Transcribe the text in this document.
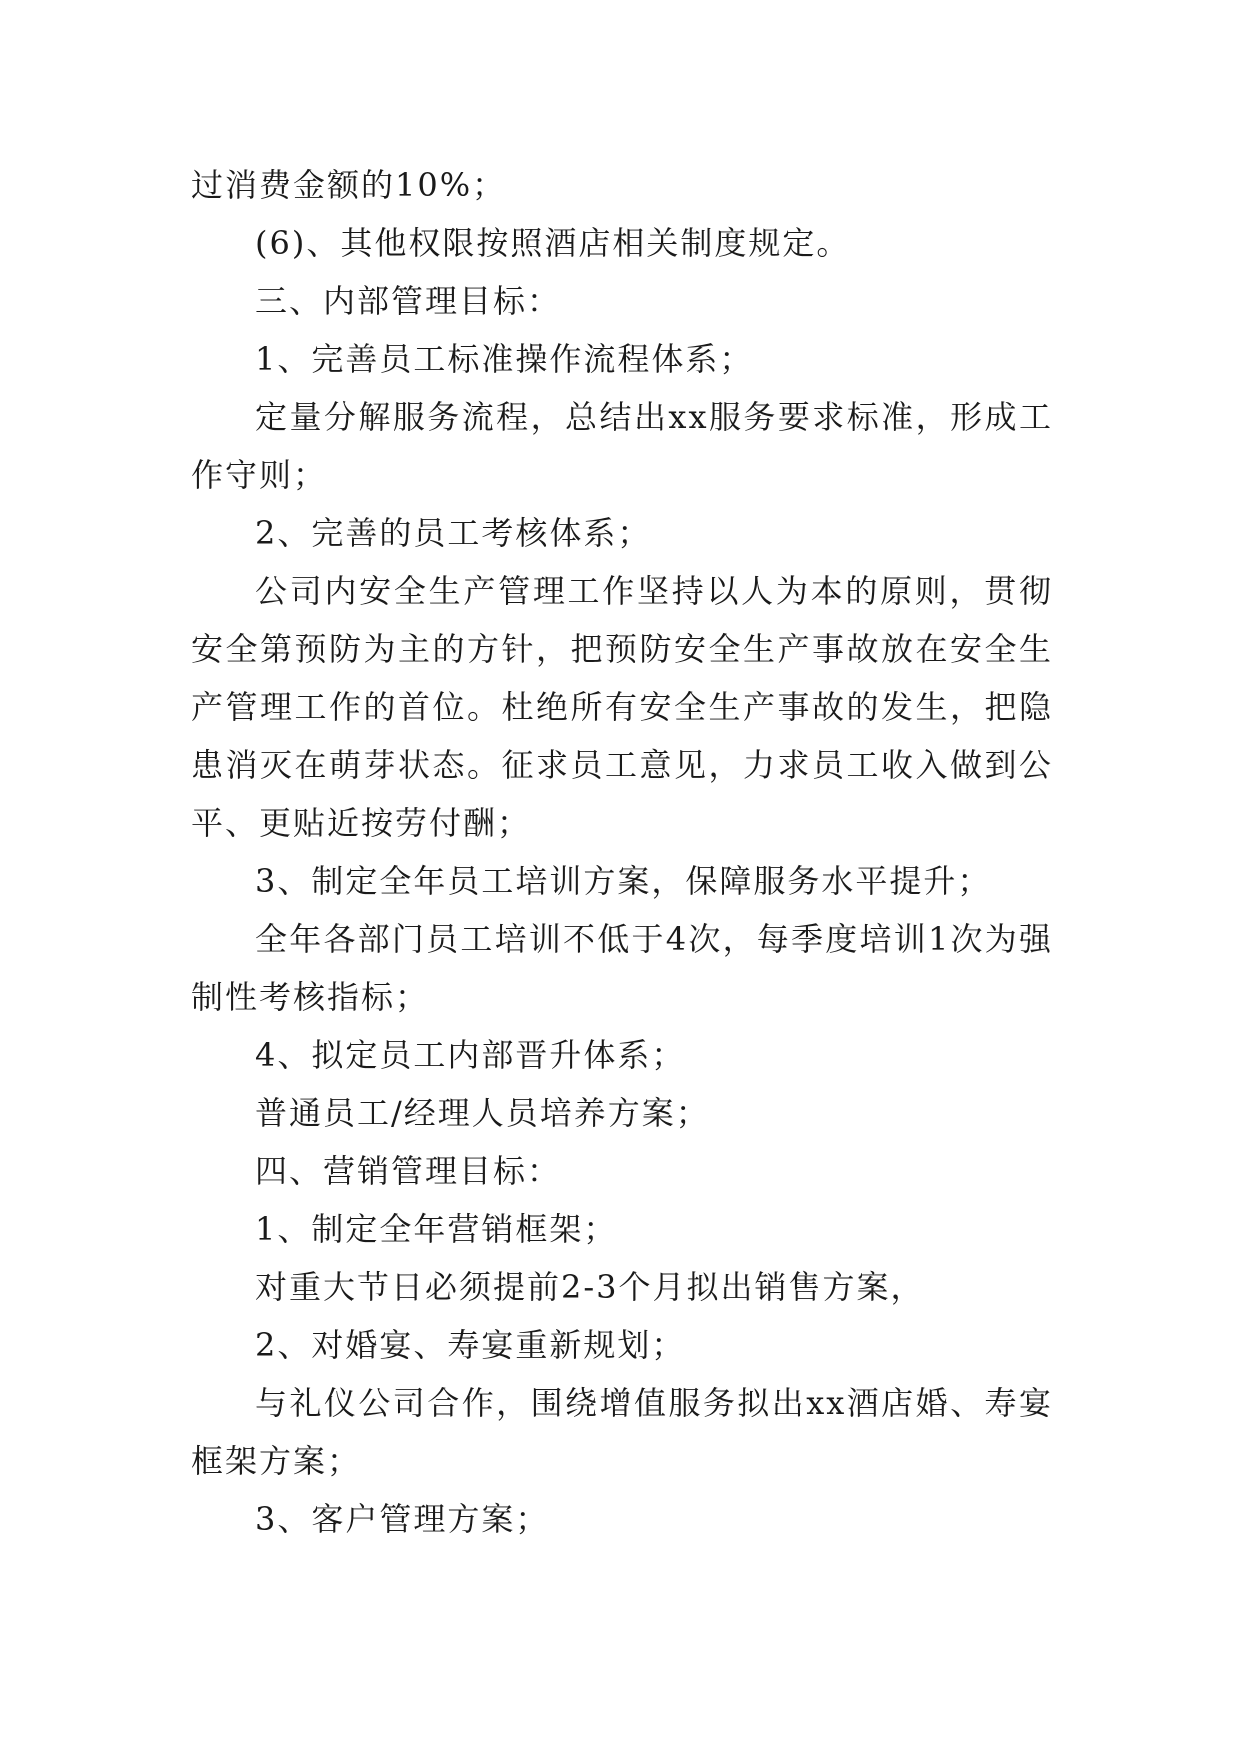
过消费金额的10%；

(6)、其他权限按照酒店相关制度规定。

三、内部管理目标：

1、完善员工标准操作流程体系；

定量分解服务流程，总结出xx服务要求标准，形成工作守则；

2、完善的员工考核体系；

公司内安全生产管理工作坚持以人为本的原则，贯彻安全第预防为主的方针，把预防安全生产事故放在安全生产管理工作的首位。杜绝所有安全生产事故的发生，把隐患消灭在萌芽状态。征求员工意见，力求员工收入做到公平、更贴近按劳付酬；

3、制定全年员工培训方案，保障服务水平提升；

全年各部门员工培训不低于4次，每季度培训1次为强制性考核指标；

4、拟定员工内部晋升体系；

普通员工/经理人员培养方案；

四、营销管理目标：

1、制定全年营销框架；

对重大节日必须提前2-3个月拟出销售方案，

2、对婚宴、寿宴重新规划；

与礼仪公司合作，围绕增值服务拟出xx酒店婚、寿宴框架方案；

3、客户管理方案；
